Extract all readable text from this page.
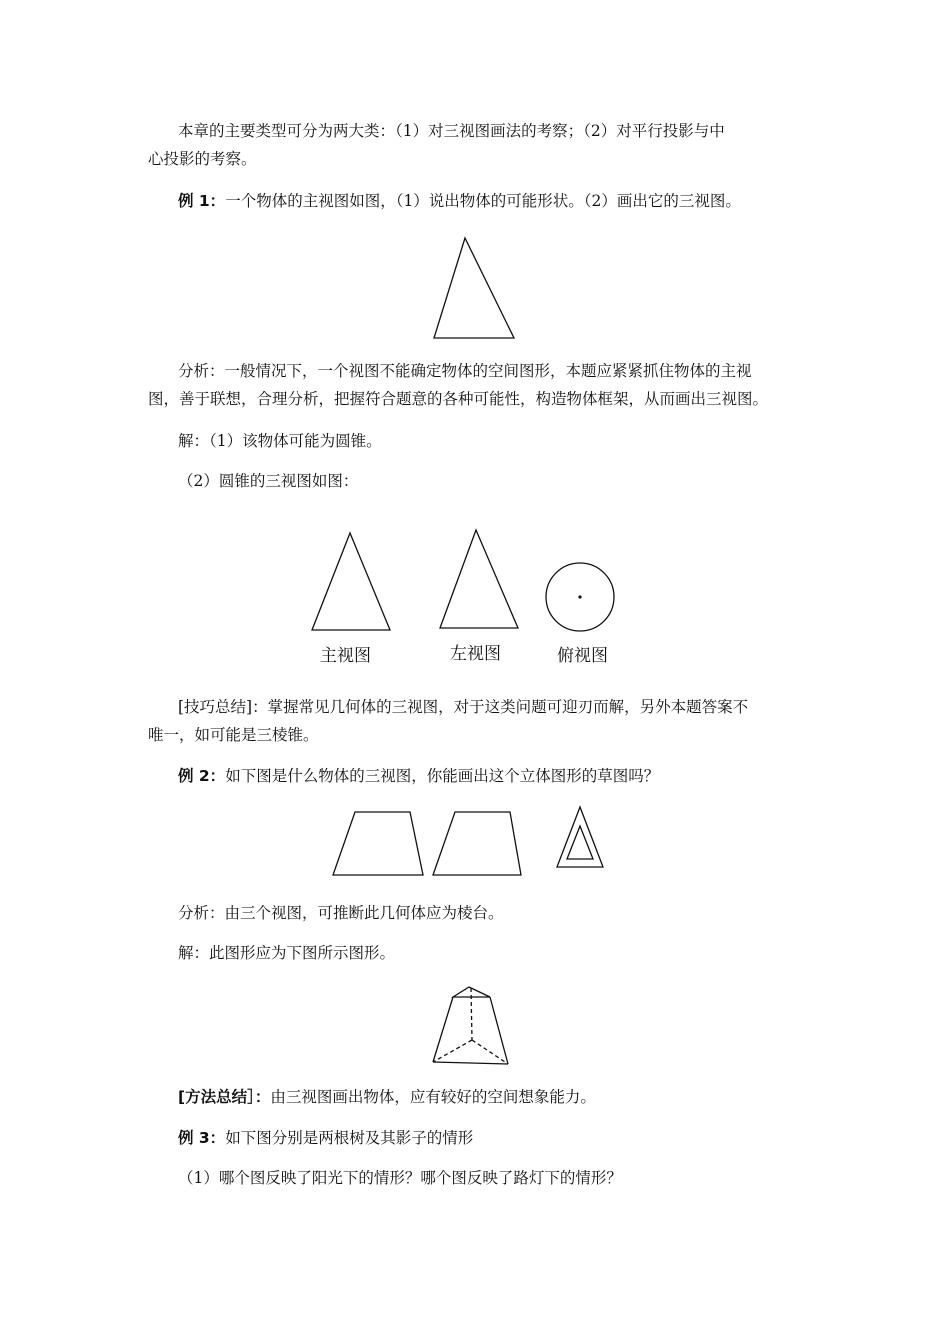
本章的主要类型可分为两大类：（1）对三视图画法的考察；（2）对平行投影与中
心投影的考察。
例 1：一个物体的主视图如图，（1）说出物体的可能形状。（2）画出它的三视图。
分析：一般情况下，一个视图不能确定物体的空间图形，本题应紧紧抓住物体的主视
图，善于联想，合理分析，把握符合题意的各种可能性，构造物体框架，从而画出三视图。
解：（1）该物体可能为圆锥。
（2）圆锥的三视图如图：
主视图	左视图	俯视图
[技巧总结]：掌握常见几何体的三视图，对于这类问题可迎刃而解，另外本题答案不
唯一，如可能是三棱锥。
例 2：如下图是什么物体的三视图，你能画出这个立体图形的草图吗？
分析：由三个视图，可推断此几何体应为棱台。
解：此图形应为下图所示图形。
[方法总结］：由三视图画出物体，应有较好的空间想象能力。
例 3：如下图分别是两根树及其影子的情形
（1）哪个图反映了阳光下的情形？哪个图反映了路灯下的情形？
